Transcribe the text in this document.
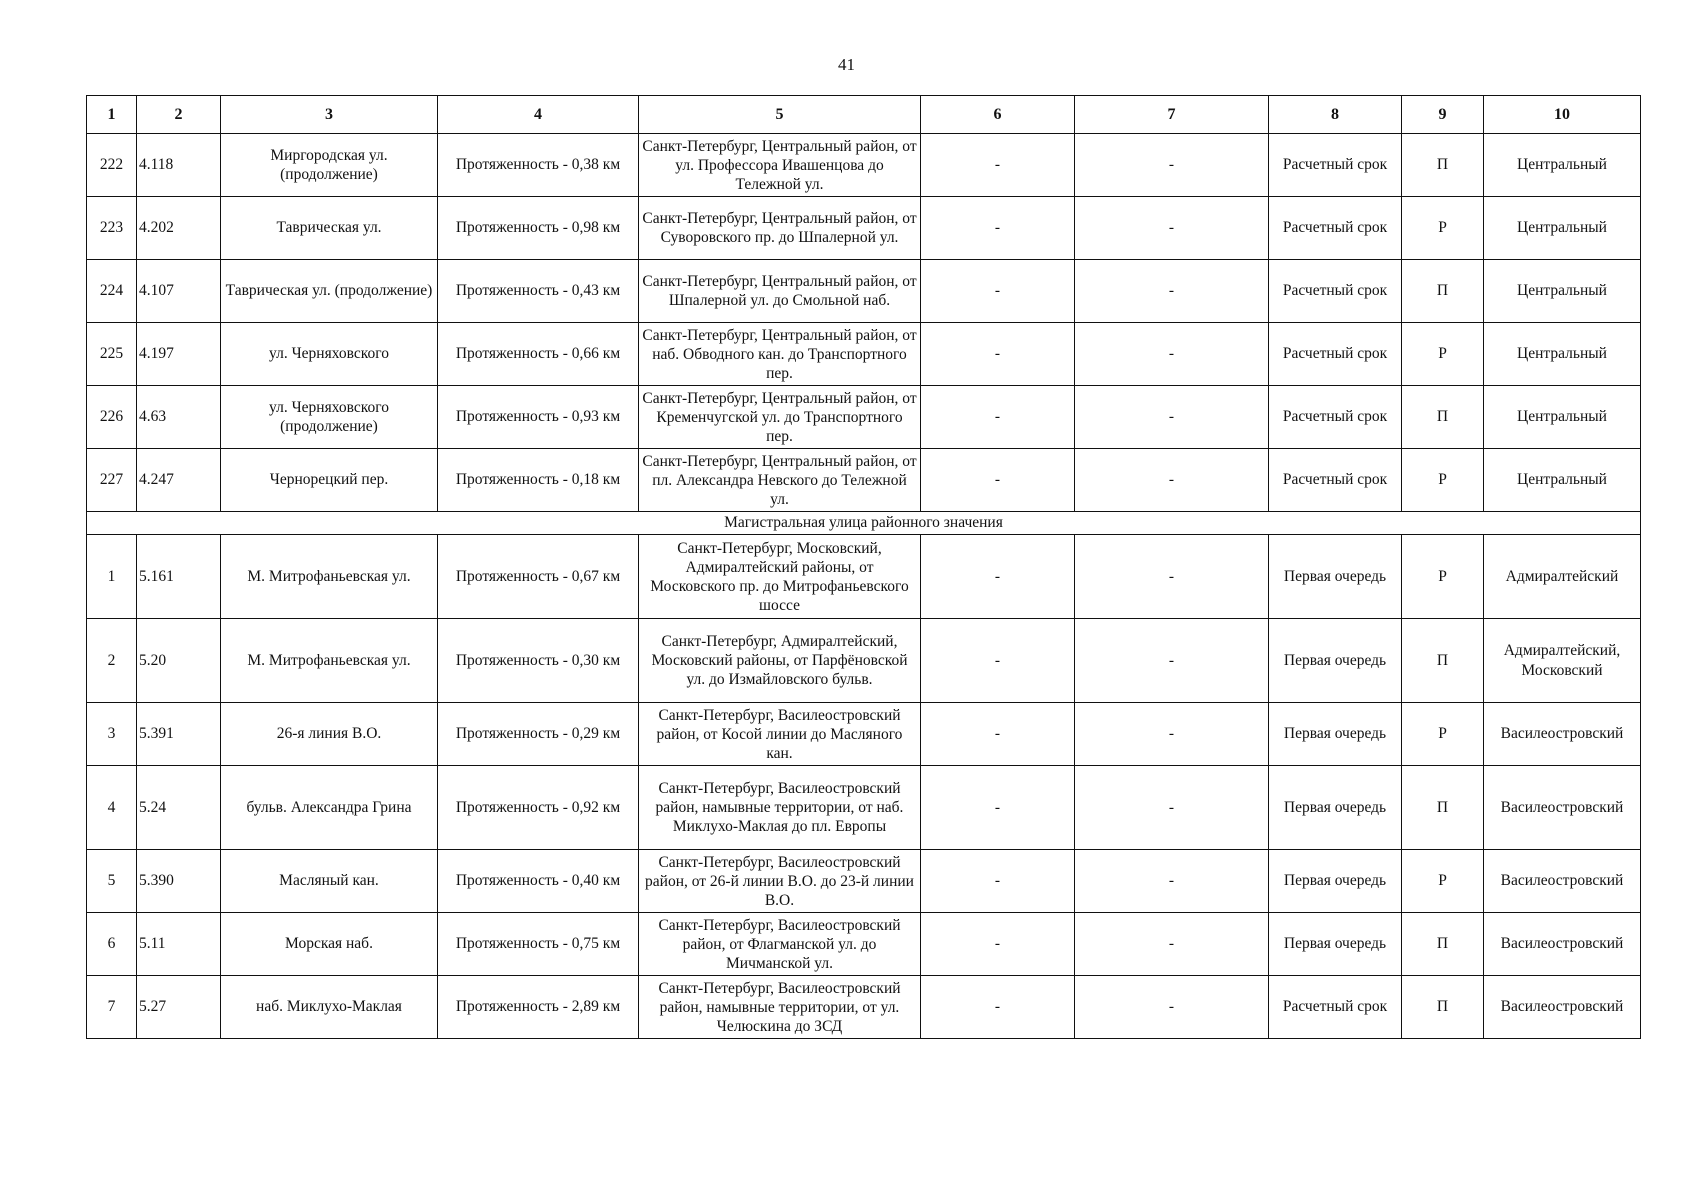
41
1	2	3	4	5	6	7	8	9	10
222	4.118	Миргородская ул. (продолжение)	Протяженность - 0,38 км	Санкт-Петербург, Центральный район, от ул. Профессора Ивашенцова до Тележной ул.	-	-	Расчетный срок	П	Центральный
223	4.202	Таврическая ул.	Протяженность - 0,98 км	Санкт-Петербург, Центральный район, от Суворовского пр. до Шпалерной ул.	-	-	Расчетный срок	Р	Центральный
224	4.107	Таврическая ул. (продолжение)	Протяженность - 0,43 км	Санкт-Петербург, Центральный район, от Шпалерной ул. до Смольной наб.	-	-	Расчетный срок	П	Центральный
225	4.197	ул. Черняховского	Протяженность - 0,66 км	Санкт-Петербург, Центральный район, от наб. Обводного кан. до Транспортного пер.	-	-	Расчетный срок	Р	Центральный
226	4.63	ул. Черняховского (продолжение)	Протяженность - 0,93 км	Санкт-Петербург, Центральный район, от Кременчугской ул. до Транспортного пер.	-	-	Расчетный срок	П	Центральный
227	4.247	Чернорецкий пер.	Протяженность - 0,18 км	Санкт-Петербург, Центральный район, от пл. Александра Невского до Тележной ул.	-	-	Расчетный срок	Р	Центральный
Магистральная улица районного значения									
1	5.161	М. Митрофаньевская ул.	Протяженность - 0,67 км	Санкт-Петербург, Московский, Адмиралтейский районы, от Московского пр. до Митрофаньевского шоссе	-	-	Первая очередь	Р	Адмиралтейский
2	5.20	М. Митрофаньевская ул.	Протяженность - 0,30 км	Санкт-Петербург, Адмиралтейский, Московский районы, от Парфёновской ул. до Измайловского бульв.	-	-	Первая очередь	П	Адмиралтейский, Московский
3	5.391	26-я линия В.О.	Протяженность - 0,29 км	Санкт-Петербург, Василеостровский район, от Косой линии до Масляного кан.	-	-	Первая очередь	Р	Василеостровский
4	5.24	бульв. Александра Грина	Протяженность - 0,92 км	Санкт-Петербург, Василеостровский район, намывные территории, от наб. Миклухо-Маклая до пл. Европы	-	-	Первая очередь	П	Василеостровский
5	5.390	Масляный кан.	Протяженность - 0,40 км	Санкт-Петербург, Василеостровский район, от 26-й линии В.О. до 23-й линии В.О.	-	-	Первая очередь	Р	Василеостровский
6	5.11	Морская наб.	Протяженность - 0,75 км	Санкт-Петербург, Василеостровский район, от Флагманской ул. до Мичманской ул.	-	-	Первая очередь	П	Василеостровский
7	5.27	наб. Миклухо-Маклая	Протяженность - 2,89 км	Санкт-Петербург, Василеостровский район, намывные территории, от ул. Челюскина до ЗСД	-	-	Расчетный срок	П	Василеостровский
